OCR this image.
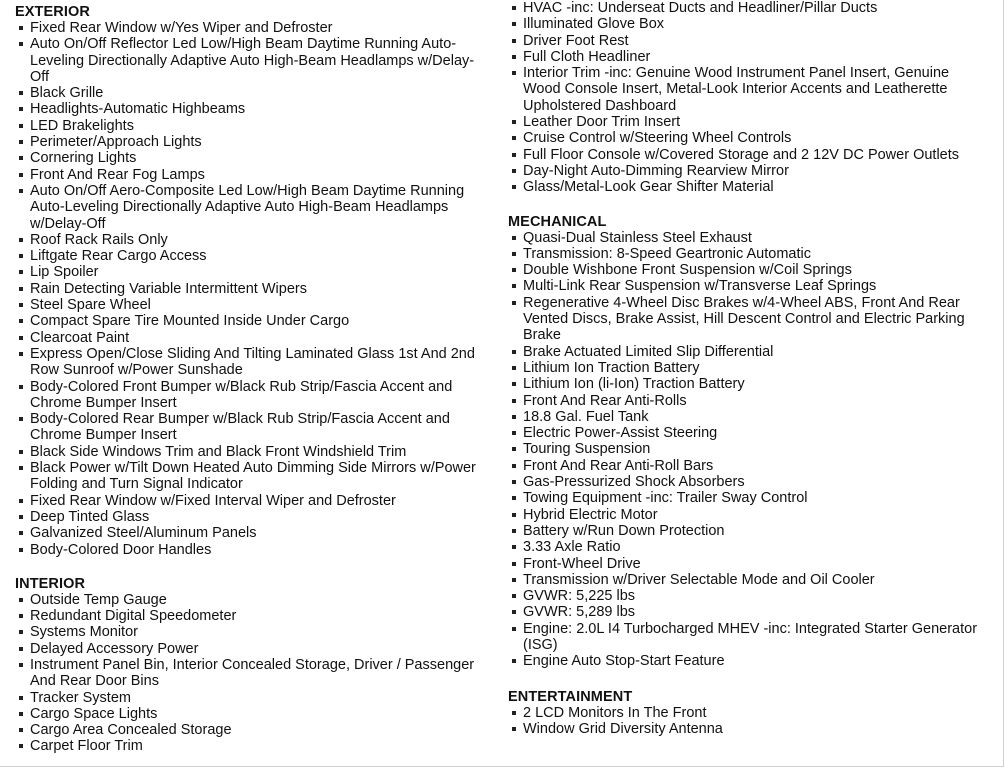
EXTERIOR
Fixed Rear Window w/Yes Wiper and Defroster
Auto On/Off Reflector Led Low/High Beam Daytime Running Auto-Leveling Directionally Adaptive Auto High-Beam Headlamps w/Delay-Off
Black Grille
Headlights-Automatic Highbeams
LED Brakelights
Perimeter/Approach Lights
Cornering Lights
Front And Rear Fog Lamps
Auto On/Off Aero-Composite Led Low/High Beam Daytime Running Auto-Leveling Directionally Adaptive Auto High-Beam Headlamps w/Delay-Off
Roof Rack Rails Only
Liftgate Rear Cargo Access
Lip Spoiler
Rain Detecting Variable Intermittent Wipers
Steel Spare Wheel
Compact Spare Tire Mounted Inside Under Cargo
Clearcoat Paint
Express Open/Close Sliding And Tilting Laminated Glass 1st And 2nd Row Sunroof w/Power Sunshade
Body-Colored Front Bumper w/Black Rub Strip/Fascia Accent and Chrome Bumper Insert
Body-Colored Rear Bumper w/Black Rub Strip/Fascia Accent and Chrome Bumper Insert
Black Side Windows Trim and Black Front Windshield Trim
Black Power w/Tilt Down Heated Auto Dimming Side Mirrors w/Power Folding and Turn Signal Indicator
Fixed Rear Window w/Fixed Interval Wiper and Defroster
Deep Tinted Glass
Galvanized Steel/Aluminum Panels
Body-Colored Door Handles
INTERIOR
Outside Temp Gauge
Redundant Digital Speedometer
Systems Monitor
Delayed Accessory Power
Instrument Panel Bin, Interior Concealed Storage, Driver / Passenger And Rear Door Bins
Tracker System
Cargo Space Lights
Cargo Area Concealed Storage
Carpet Floor Trim
HVAC -inc: Underseat Ducts and Headliner/Pillar Ducts
Illuminated Glove Box
Driver Foot Rest
Full Cloth Headliner
Interior Trim -inc: Genuine Wood Instrument Panel Insert, Genuine Wood Console Insert, Metal-Look Interior Accents and Leatherette Upholstered Dashboard
Leather Door Trim Insert
Cruise Control w/Steering Wheel Controls
Full Floor Console w/Covered Storage and 2 12V DC Power Outlets
Day-Night Auto-Dimming Rearview Mirror
Glass/Metal-Look Gear Shifter Material
MECHANICAL
Quasi-Dual Stainless Steel Exhaust
Transmission: 8-Speed Geartronic Automatic
Double Wishbone Front Suspension w/Coil Springs
Multi-Link Rear Suspension w/Transverse Leaf Springs
Regenerative 4-Wheel Disc Brakes w/4-Wheel ABS, Front And Rear Vented Discs, Brake Assist, Hill Descent Control and Electric Parking Brake
Brake Actuated Limited Slip Differential
Lithium Ion Traction Battery
Lithium Ion (li-Ion) Traction Battery
Front And Rear Anti-Rolls
18.8 Gal. Fuel Tank
Electric Power-Assist Steering
Touring Suspension
Front And Rear Anti-Roll Bars
Gas-Pressurized Shock Absorbers
Towing Equipment -inc: Trailer Sway Control
Hybrid Electric Motor
Battery w/Run Down Protection
3.33 Axle Ratio
Front-Wheel Drive
Transmission w/Driver Selectable Mode and Oil Cooler
GVWR: 5,225 lbs
GVWR: 5,289 lbs
Engine: 2.0L I4 Turbocharged MHEV -inc: Integrated Starter Generator (ISG)
Engine Auto Stop-Start Feature
ENTERTAINMENT
2 LCD Monitors In The Front
Window Grid Diversity Antenna
